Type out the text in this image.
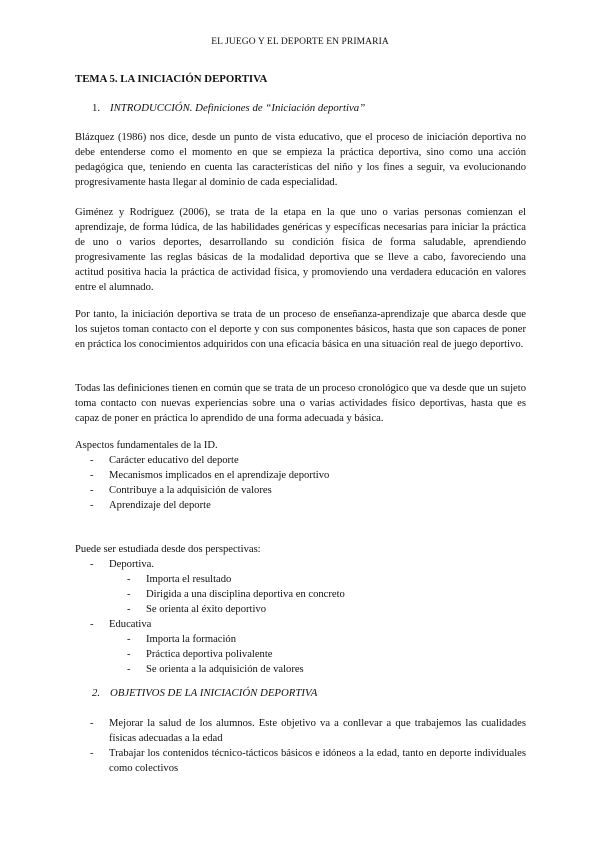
EL JUEGO Y EL DEPORTE EN PRIMARIA
TEMA 5. LA INICIACIÓN DEPORTIVA
1. INTRODUCCIÓN. Definiciones de “Iniciación deportiva”
Blázquez (1986) nos dice, desde un punto de vista educativo, que el proceso de iniciación deportiva no debe entenderse como el momento en que se empieza la práctica deportiva, sino como una acción pedagógica que, teniendo en cuenta las características del niño y los fines a seguir, va evolucionando progresivamente hasta llegar al dominio de cada especialidad.
Giménez y Rodríguez (2006), se trata de la etapa en la que uno o varias personas comienzan el aprendizaje, de forma lúdica, de las habilidades genéricas y específicas necesarias para iniciar la práctica de uno o varios deportes, desarrollando su condición física de forma saludable, aprendiendo progresivamente las reglas básicas de la modalidad deportiva que se lleve a cabo, favoreciendo una actitud positiva hacia la práctica de actividad física, y promoviendo una verdadera educación en valores entre el alumnado.
Por tanto, la iniciación deportiva se trata de un proceso de enseñanza-aprendizaje que abarca desde que los sujetos toman contacto con el deporte y con sus componentes básicos, hasta que son capaces de poner en práctica los conocimientos adquiridos con una eficacia básica en una situación real de juego deportivo.
Todas las definiciones tienen en común que se trata de un proceso cronológico que va desde que un sujeto toma contacto con nuevas experiencias sobre una o varias actividades físico deportivas, hasta que es capaz de poner en práctica lo aprendido de una forma adecuada y básica.
Aspectos fundamentales de la ID.
- Carácter educativo del deporte
- Mecanismos implicados en el aprendizaje deportivo
- Contribuye a la adquisición de valores
- Aprendizaje del deporte
Puede ser estudiada desde dos perspectivas:
- Deportiva.
- Importa el resultado
- Dirigida a una disciplina deportiva en concreto
- Se orienta al éxito deportivo
- Educativa
- Importa la formación
- Práctica deportiva polivalente
- Se orienta a la adquisición de valores
2. OBJETIVOS DE LA INICIACIÓN DEPORTIVA
- Mejorar la salud de los alumnos. Este objetivo va a conllevar a que trabajemos las cualidades físicas adecuadas a la edad
- Trabajar los contenidos técnico-tácticos básicos e idóneos a la edad, tanto en deporte individuales como colectivos
